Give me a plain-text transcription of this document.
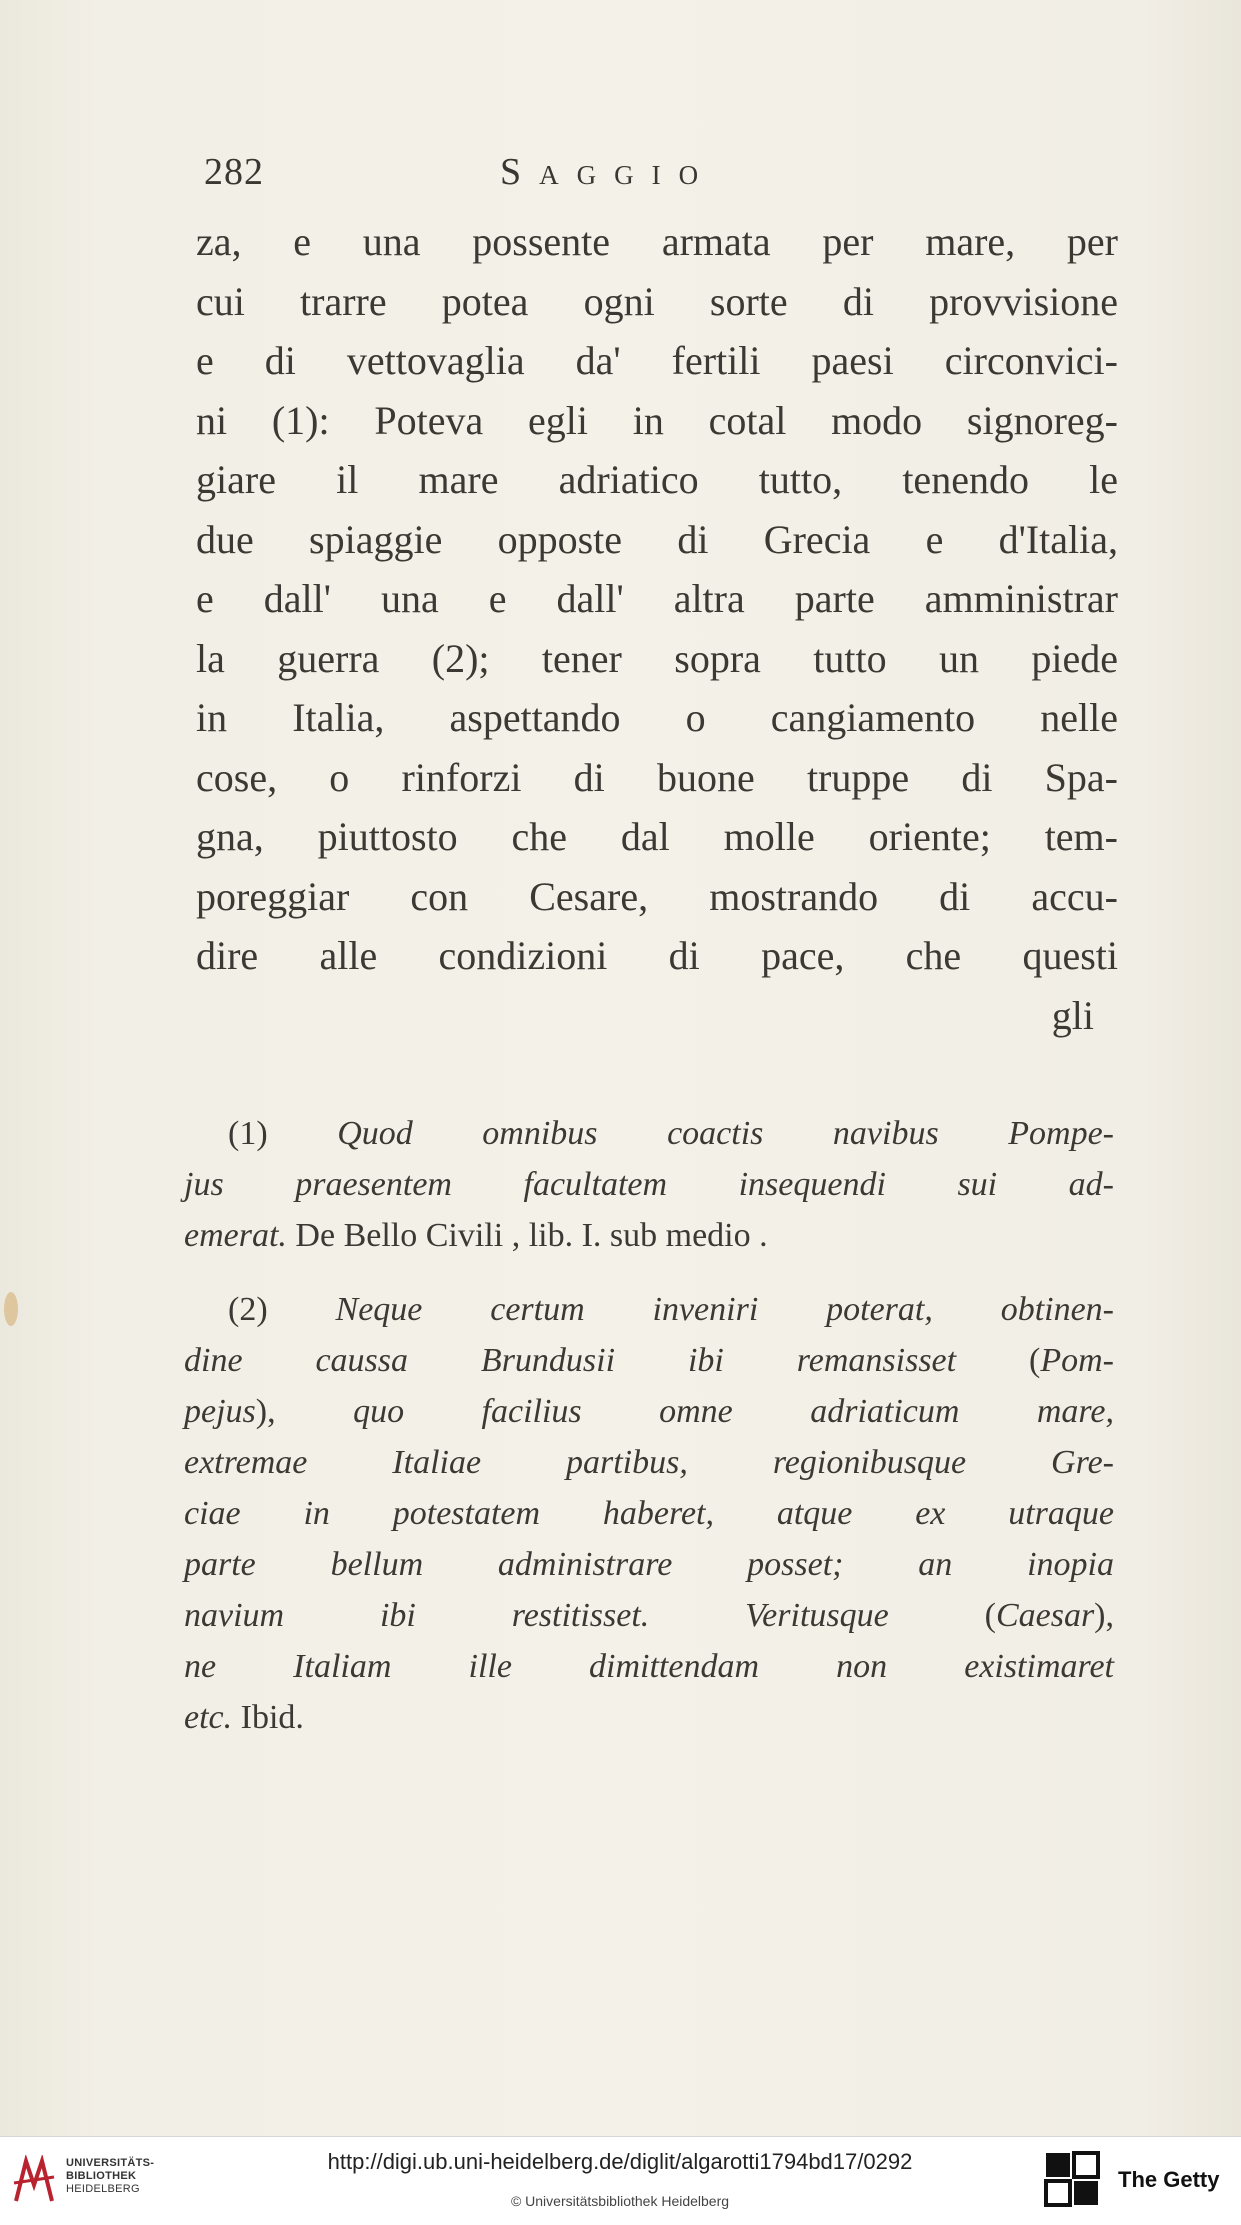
282	Saggio
za, e una possente armata per mare, per
cui trarre potea ogni sorte di provvisione
e di vettovaglia da' fertili paesi circonvici-
ni (1): Poteva egli in cotal modo signoreg-
giare il mare adriatico tutto, tenendo le
due spiaggie opposte di Grecia e d'Italia,
e dall' una e dall' altra parte amministrar
la guerra (2); tener sopra tutto un piede
in Italia, aspettando o cangiamento nelle
cose, o rinforzi di buone truppe di Spa-
gna, piuttosto che dal molle oriente; tem-
poreggiar con Cesare, mostrando di accu-
dire alle condizioni di pace, che questi
gli
(1) Quod omnibus coactis navibus Pompe-
jus praesentem facultatem insequendi sui ad-
emerat. De Bello Civili , lib. I. sub medio .
(2) Neque certum inveniri poterat, obtinen-
dine caussa Brundusii ibi remansisset (Pom-
pejus), quo facilius omne adriaticum mare,
extremae Italiae partibus, regionibusque Gre-
ciae in potestatem haberet, atque ex utraque
parte bellum administrare posset; an inopia
navium ibi restitisset. Veritusque (Caesar),
ne Italiam ille dimittendam non existimaret
etc. Ibid.
UNIVERSITÄTS-
BIBLIOTHEK
HEIDELBERG
http://digi.ub.uni-heidelberg.de/diglit/algarotti1794bd17/0292
© Universitätsbibliothek Heidelberg
The Getty
